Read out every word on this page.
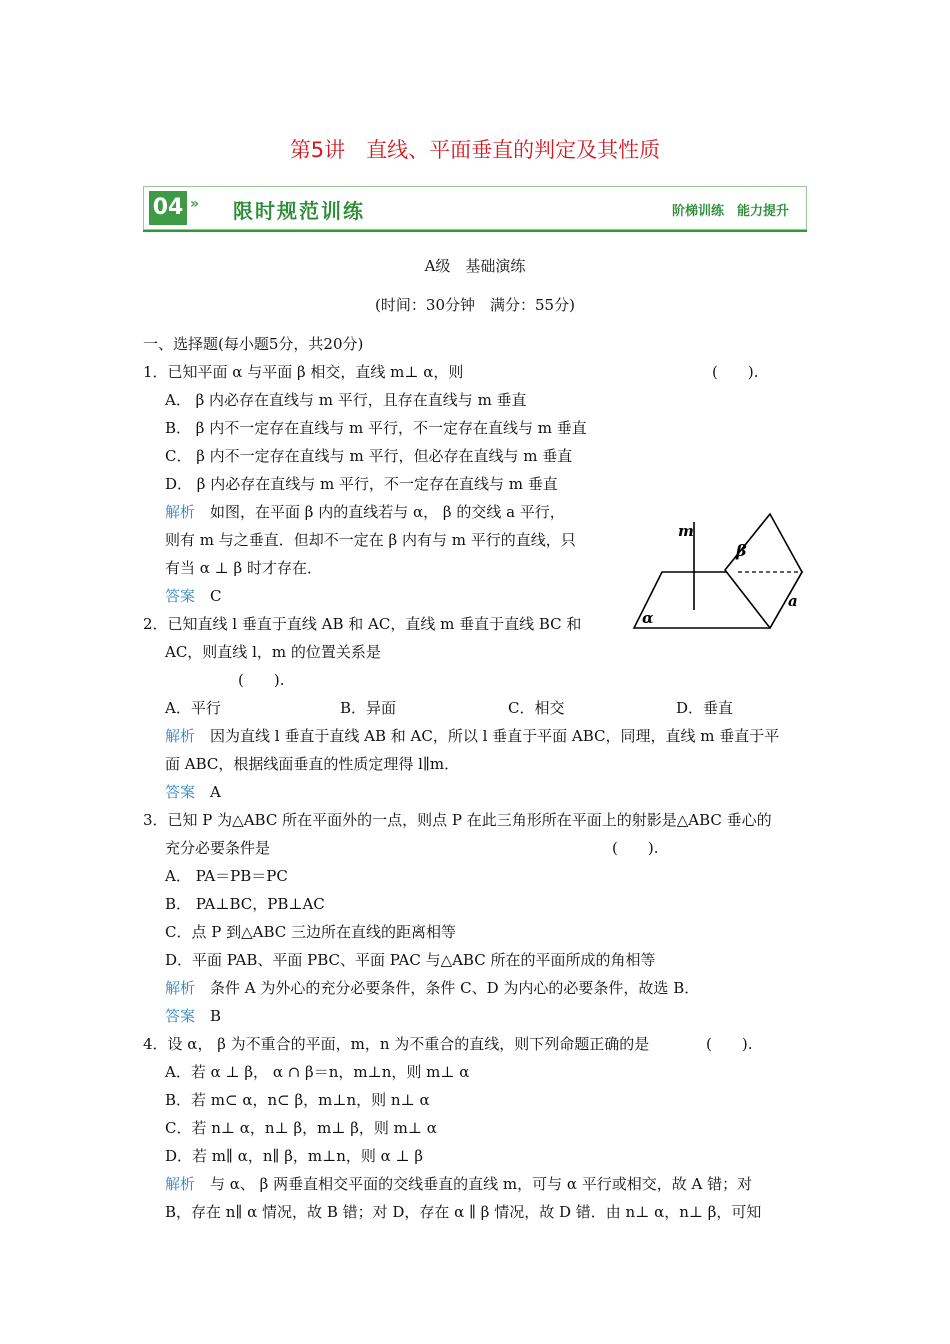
第5讲　直线、平面垂直的判定及其性质
04 » 限时规范训练	阶梯训练　能力提升
A级　基础演练
(时间：30分钟　满分：55分)
一、选择题(每小题5分，共20分)
1．已知平面 α 与平面 β 相交，直线 m⊥ α，则	(　　).
A． β 内必存在直线与 m 平行，且存在直线与 m 垂直
B． β 内不一定存在直线与 m 平行，不一定存在直线与 m 垂直
C． β 内不一定存在直线与 m 平行，但必存在直线与 m 垂直
D． β 内必存在直线与 m 平行，不一定存在直线与 m 垂直
解析　如图，在平面 β 内的直线若与 α， β 的交线 a 平行，
则有 m 与之垂直．但却不一定在 β 内有与 m 平行的直线，只
有当 α ⊥ β 时才存在．
答案　 C
m
β
α
a
2．已知直线 l 垂直于直线 AB 和 AC，直线 m 垂直于直线 BC 和
AC，则直线 l，m 的位置关系是
(　　).
A．平行	B．异面	C．相交	D．垂直
解析　因为直线 l 垂直于直线 AB 和 AC，所以 l 垂直于平面 ABC，同理，直线 m 垂直于平
面 ABC，根据线面垂直的性质定理得 l∥m．
答案　 A
3．已知 P 为△ABC 所在平面外的一点，则点 P 在此三角形所在平面上的射影是△ABC 垂心的
充分必要条件是	(　　).
A． PA＝PB＝PC
B． PA⊥BC，PB⊥AC
C．点 P 到△ABC 三边所在直线的距离相等
D．平面 PAB、平面 PBC、平面 PAC 与△ABC 所在的平面所成的角相等
解析　条件 A 为外心的充分必要条件，条件 C、D 为内心的必要条件，故选 B．
答案　 B
4．设 α， β 为不重合的平面，m，n 为不重合的直线，则下列命题正确的是	(　　).
A．若 α ⊥ β， α ∩ β＝n，m⊥n，则 m⊥ α
B．若 m⊂ α，n⊂ β，m⊥n，则 n⊥ α
C．若 n⊥ α，n⊥ β，m⊥ β，则 m⊥ α
D．若 m∥ α，n∥ β，m⊥n，则 α ⊥ β
解析　与 α、 β 两垂直相交平面的交线垂直的直线 m，可与 α 平行或相交，故 A 错；对
B，存在 n∥ α 情况，故 B 错；对 D，存在 α ∥ β 情况，故 D 错．由 n⊥ α，n⊥ β，可知
